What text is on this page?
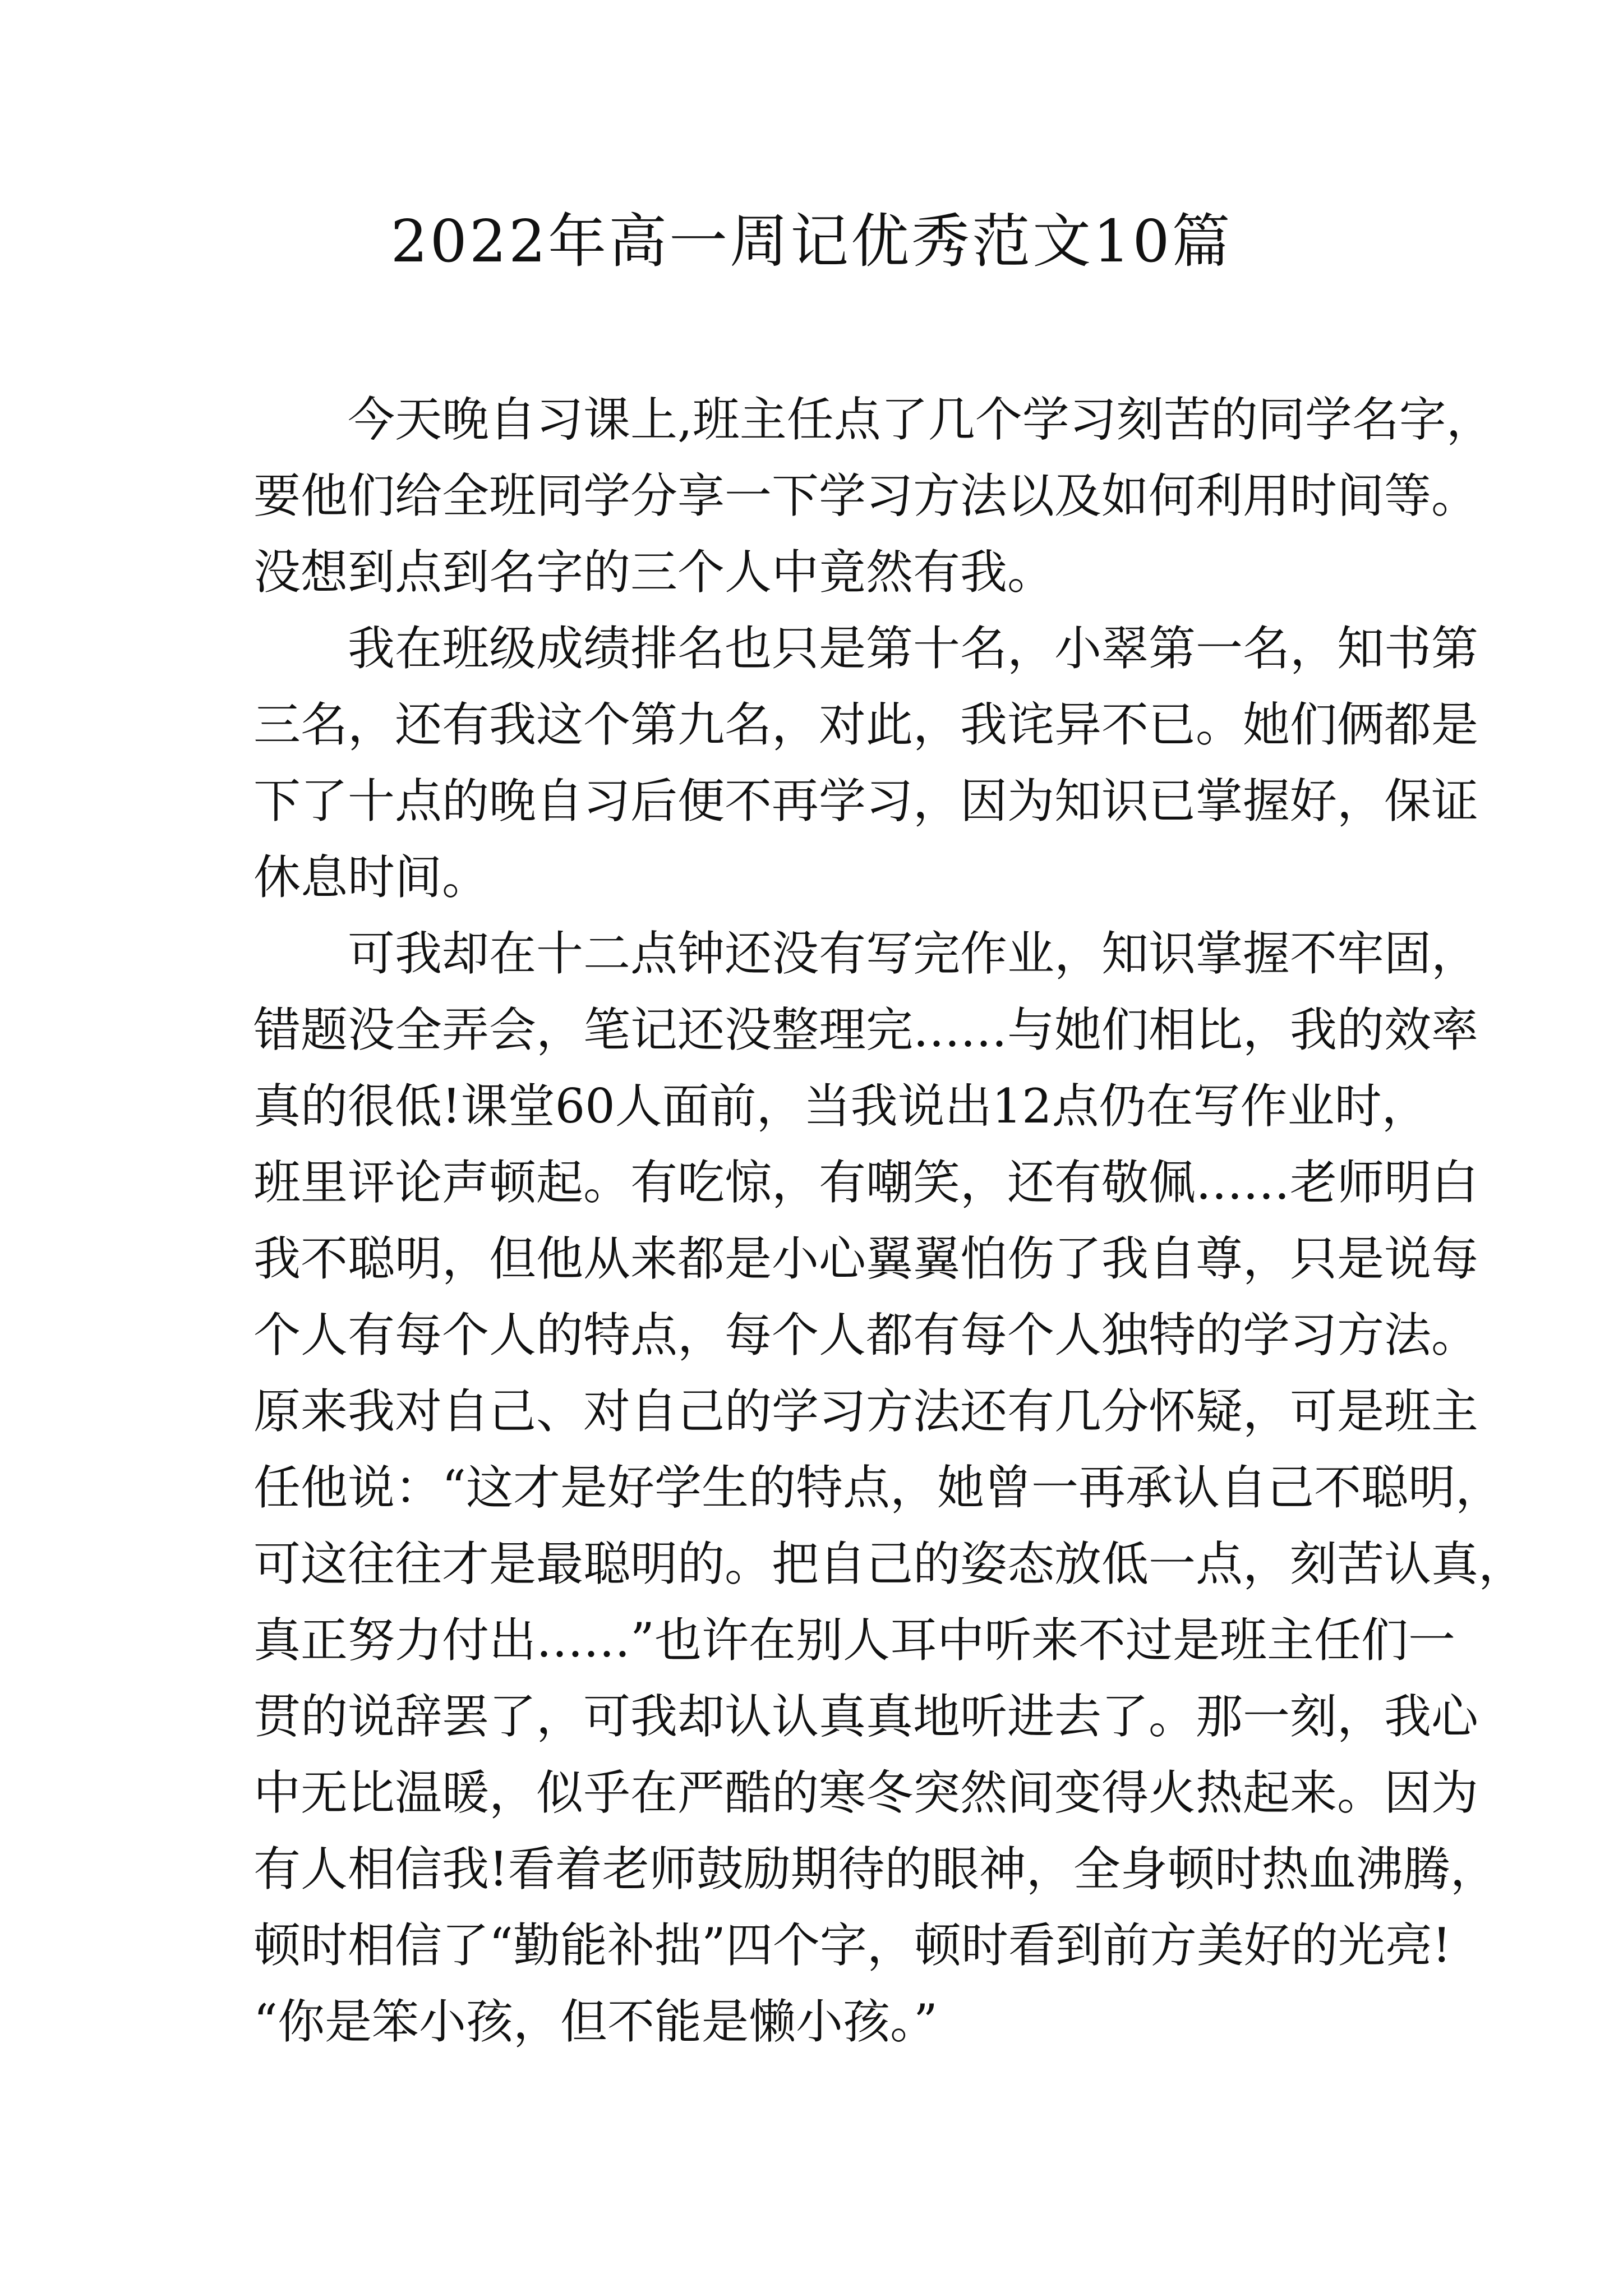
2022年高一周记优秀范文10篇
今天晚自习课上,班主任点了几个学习刻苦的同学名字，
要他们给全班同学分享一下学习方法以及如何利用时间等。
没想到点到名字的三个人中竟然有我。
我在班级成绩排名也只是第十名，小翠第一名，知书第
三名，还有我这个第九名，对此，我诧异不已。她们俩都是
下了十点的晚自习后便不再学习，因为知识已掌握好，保证
休息时间。
可我却在十二点钟还没有写完作业，知识掌握不牢固，
错题没全弄会，笔记还没整理完……与她们相比，我的效率
真的很低!课堂60人面前，当我说出12点仍在写作业时，
班里评论声顿起。有吃惊，有嘲笑，还有敬佩……老师明白
我不聪明，但他从来都是小心翼翼怕伤了我自尊，只是说每
个人有每个人的特点，每个人都有每个人独特的学习方法。
原来我对自己、对自己的学习方法还有几分怀疑，可是班主
任他说：“这才是好学生的特点，她曾一再承认自己不聪明，
可这往往才是最聪明的。把自己的姿态放低一点，刻苦认真，
真正努力付出……”也许在别人耳中听来不过是班主任们一
贯的说辞罢了，可我却认认真真地听进去了。那一刻，我心
中无比温暖，似乎在严酷的寒冬突然间变得火热起来。因为
有人相信我!看着老师鼓励期待的眼神，全身顿时热血沸腾，
顿时相信了“勤能补拙”四个字，顿时看到前方美好的光亮!
“你是笨小孩，但不能是懒小孩。”
